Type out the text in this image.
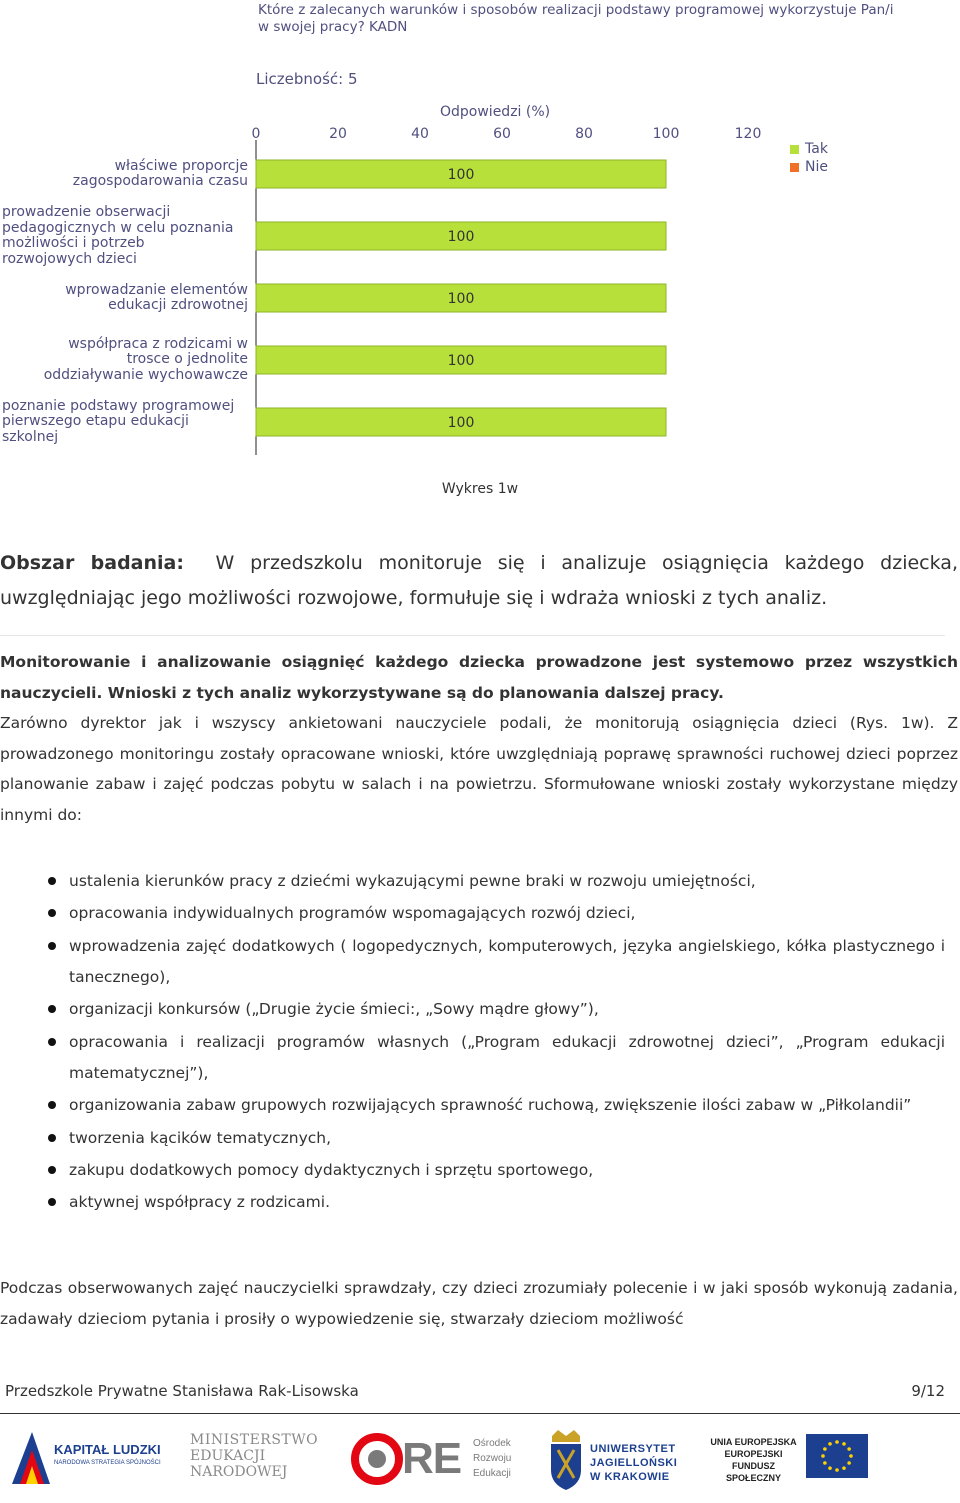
Które z zalecanych warunków i sposobów realizacji podstawy programowej wykorzystuje Pan/i w swojej pracy? KADN
Liczebność: 5
Odpowiedzi (%)
0	20	40	60	80	100	120
100
100
100
100
100
Tak
Nie
właściwe proporcje
zagospodarowania czasu
prowadzenie obserwacji
pedagogicznych w celu poznania
możliwości i potrzeb
rozwojowych dzieci
wprowadzanie elementów
edukacji zdrowotnej
współpraca z rodzicami w
trosce o jednolite
oddziaływanie wychowawcze
poznanie podstawy programowej
pierwszego etapu edukacji
szkolnej
Wykres 1w
Obszar badania: W przedszkolu monitoruje się i analizuje osiągnięcia każdego dziecka, uwzględniając jego możliwości rozwojowe, formułuje się i wdraża wnioski z tych analiz.
Monitorowanie i analizowanie osiągnięć każdego dziecka prowadzone jest systemowo przez wszystkich nauczycieli. Wnioski z tych analiz wykorzystywane są do planowania dalszej pracy.
Zarówno dyrektor jak i wszyscy ankietowani nauczyciele podali, że monitorują osiągnięcia dzieci (Rys. 1w). Z prowadzonego monitoringu zostały opracowane wnioski, które uwzględniają poprawę sprawności ruchowej dzieci poprzez planowanie zabaw i zajęć podczas pobytu w salach i na powietrzu. Sformułowane wnioski zostały wykorzystane między innymi do:
ustalenia kierunków pracy z dziećmi wykazującymi pewne braki w rozwoju umiejętności,
opracowania indywidualnych programów wspomagających rozwój dzieci,
wprowadzenia zajęć dodatkowych ( logopedycznych, komputerowych, języka angielskiego, kółka plastycznego i tanecznego),
organizacji konkursów („Drugie życie śmieci:, „Sowy mądre głowy”),
opracowania i realizacji programów własnych („Program edukacji zdrowotnej dzieci”, „Program edukacji matematycznej”),
organizowania zabaw grupowych rozwijających sprawność ruchową, zwiększenie ilości zabaw w „Piłkolandii”
tworzenia kącików tematycznych,
zakupu dodatkowych pomocy dydaktycznych i sprzętu sportowego,
aktywnej współpracy z rodzicami.
Podczas obserwowanych zajęć nauczycielki sprawdzały, czy dzieci zrozumiały polecenie i w jaki sposób wykonują zadania, zadawały dzieciom pytania i prosiły o wypowiedzenie się, stwarzały dzieciom możliwość
Przedszkole Prywatne Stanisława Rak-Lisowska	9/12
KAPITAŁ LUDZKI
NARODOWA STRATEGIA SPÓJNOŚCI
MINISTERSTWO
EDUKACJI
NARODOWEJ	RE Ośrodek
Rozwoju
Edukacji
UNIWERSYTET
JAGIELLOŃSKI
W KRAKOWIE
UNIA EUROPEJSKA
EUROPEJSKI
FUNDUSZ SPOŁECZNY
